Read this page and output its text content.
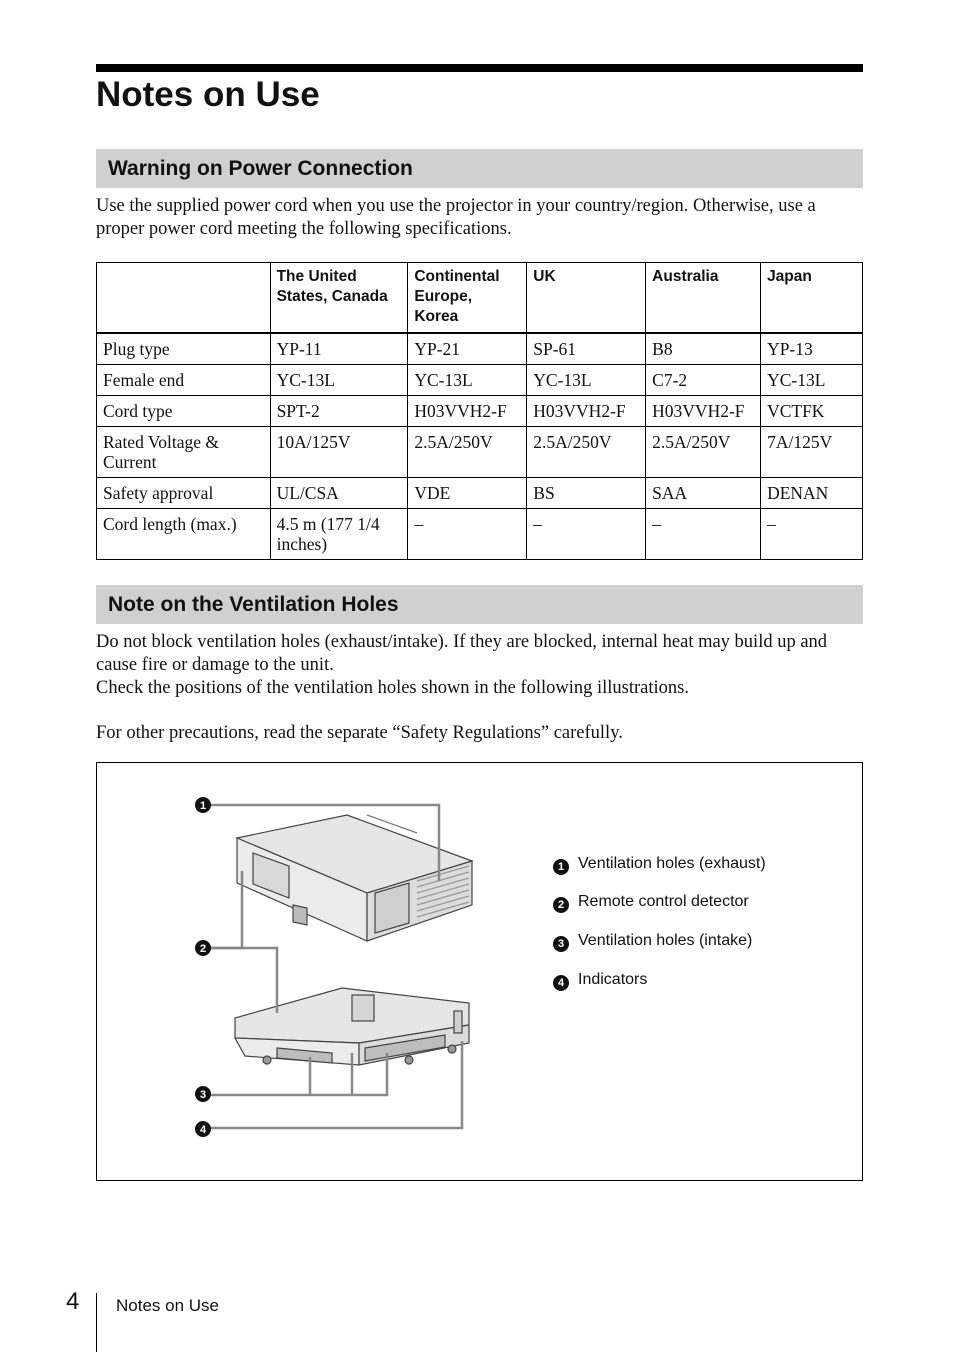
Notes on Use
Warning on Power Connection

Use the supplied power cord when you use the projector in your country/region. Otherwise, use a proper power cord meeting the following specifications.

	The United States, Canada	Continental Europe, Korea	UK	Australia	Japan
Plug type	YP-11	YP-21	SP-61	B8	YP-13
Female end	YC-13L	YC-13L	YC-13L	C7-2	YC-13L
Cord type	SPT-2	H03VVH2-F	H03VVH2-F	H03VVH2-F	VCTFK
Rated Voltage & Current	10A/125V	2.5A/250V	2.5A/250V	2.5A/250V	7A/125V
Safety approval	UL/CSA	VDE	BS	SAA	DENAN
Cord length (max.)	4.5 m (177 1/4 inches)	–	–	–	–
Note on the Ventilation Holes

Do not block ventilation holes (exhaust/intake). If they are blocked, internal heat may build up and cause fire or damage to the unit.

Check the positions of the ventilation holes shown in the following illustrations.

For other precautions, read the separate “Safety Regulations” carefully.

1
2
3
4
1 Ventilation holes (exhaust)
2 Remote control detector
3 Ventilation holes (intake)
4 Indicators
4 Notes on Use
